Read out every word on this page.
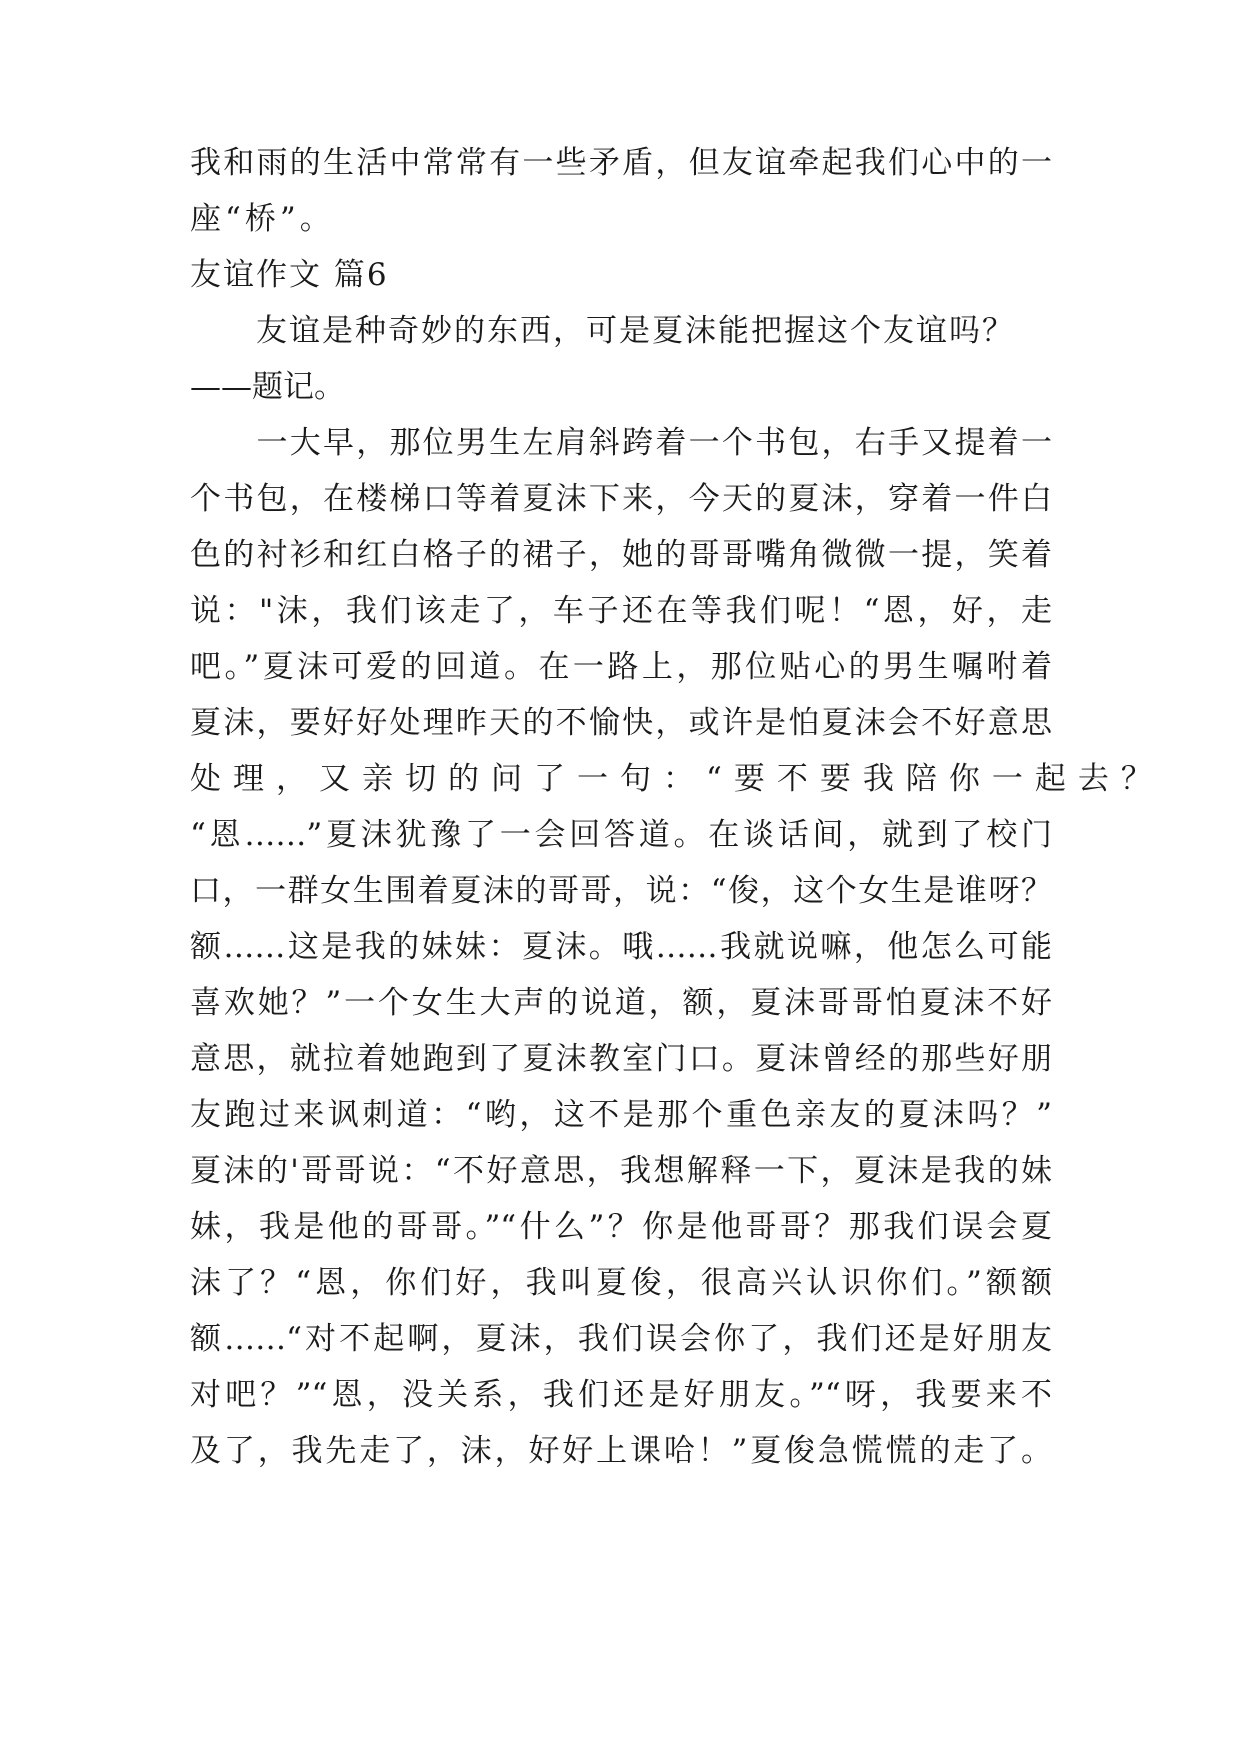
我和雨的生活中常常有一些矛盾，但友谊牵起我们心中的一
座“桥”。
友谊作文 篇6
　　友谊是种奇妙的东西，可是夏沫能把握这个友谊吗？
——题记。
　　一大早，那位男生左肩斜跨着一个书包，右手又提着一
个书包，在楼梯口等着夏沫下来，今天的夏沫，穿着一件白
色的衬衫和红白格子的裙子，她的哥哥嘴角微微一提，笑着
说："沫，我们该走了，车子还在等我们呢！“恩，好，走
吧。”夏沫可爱的回道。在一路上，那位贴心的男生嘱咐着
夏沫，要好好处理昨天的不愉快，或许是怕夏沫会不好意思
处理，又亲切的问了一句：“要不要我陪你一起去？
“恩……”夏沫犹豫了一会回答道。在谈话间，就到了校门
口，一群女生围着夏沫的哥哥，说：“俊，这个女生是谁呀？
额……这是我的妹妹：夏沫。哦……我就说嘛，他怎么可能
喜欢她？”一个女生大声的说道，额，夏沫哥哥怕夏沫不好
意思，就拉着她跑到了夏沫教室门口。夏沫曾经的那些好朋
友跑过来讽刺道：“哟，这不是那个重色亲友的夏沫吗？”
夏沫的'哥哥说：“不好意思，我想解释一下，夏沫是我的妹
妹，我是他的哥哥。”“什么”？你是他哥哥？那我们误会夏
沫了？“恩，你们好，我叫夏俊，很高兴认识你们。”额额
额……“对不起啊，夏沫，我们误会你了，我们还是好朋友
对吧？”“恩，没关系，我们还是好朋友。”“呀，我要来不
及了，我先走了，沫，好好上课哈！”夏俊急慌慌的走了。
